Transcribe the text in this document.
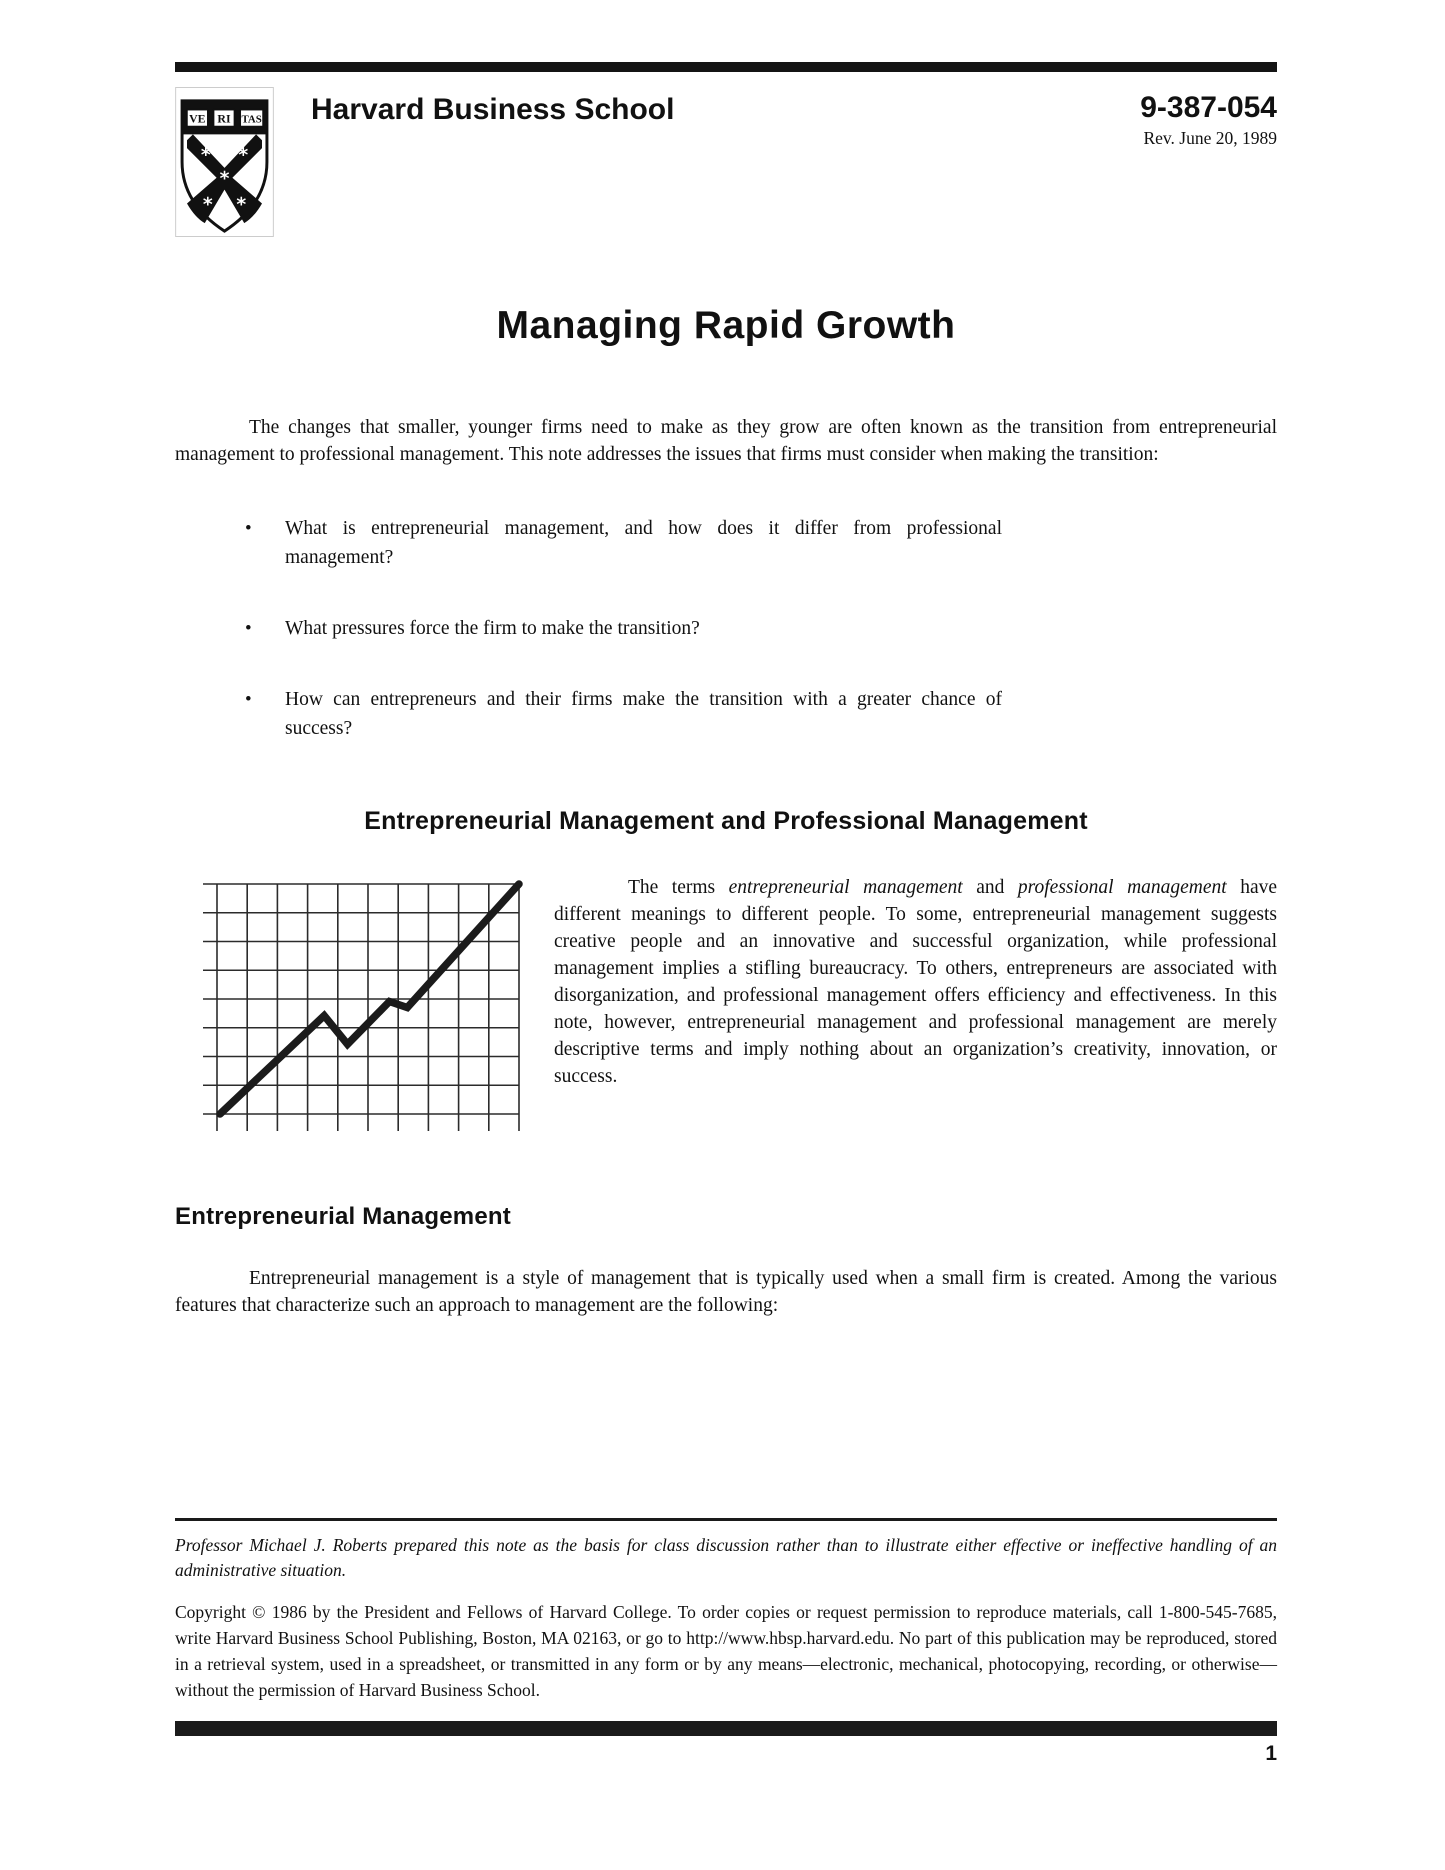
VE RI TAS
* *
*
* *
Harvard Business School	9-387-054
Rev. June 20, 1989
Managing Rapid Growth

The changes that smaller, younger firms need to make as they grow are often known as the transition from entrepreneurial management to professional management. This note addresses the issues that firms must consider when making the transition:

•	What is entrepreneurial management, and how does it differ from professional management?
•	What pressures force the firm to make the transition?
•	How can entrepreneurs and their firms make the transition with a greater chance of success?
Entrepreneurial Management and Professional Management

The terms entrepreneurial management and professional management have different meanings to different people. To some, entrepreneurial management suggests creative people and an innovative and successful organization, while professional management implies a stifling bureaucracy. To others, entrepreneurs are associated with disorganization, and professional management offers efficiency and effectiveness. In this note, however, entrepreneurial management and professional management are merely descriptive terms and imply nothing about an organization’s creativity, innovation, or success.

Entrepreneurial Management

Entrepreneurial management is a style of management that is typically used when a small firm is created. Among the various features that characterize such an approach to management are the following:

Professor Michael J. Roberts prepared this note as the basis for class discussion rather than to illustrate either effective or ineffective handling of an administrative situation.

Copyright © 1986 by the President and Fellows of Harvard College. To order copies or request permission to reproduce materials, call 1-800-545-7685, write Harvard Business School Publishing, Boston, MA 02163, or go to http://www.hbsp.harvard.edu. No part of this publication may be reproduced, stored in a retrieval system, used in a spreadsheet, or transmitted in any form or by any means—electronic, mechanical, photocopying, recording, or otherwise—without the permission of Harvard Business School.

1
